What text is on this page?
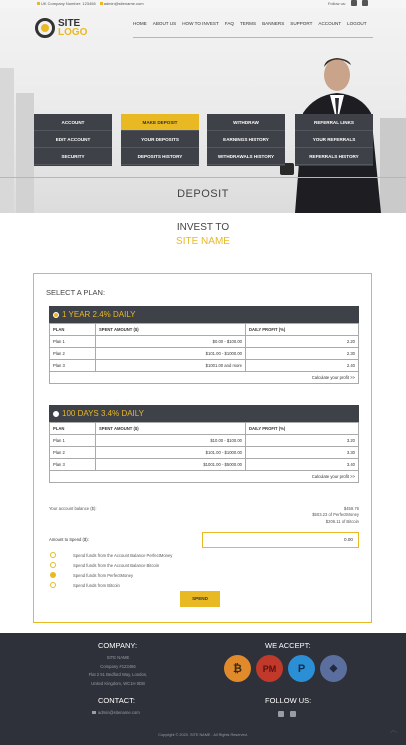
UK Company Number: 123456	admin@sitename.com	Follow us:
SITE
LOGO
HOME ABOUT US HOW TO INVEST FAQ TERMS BANNERS SUPPORT ACCOUNT LOGOUT
ACCOUNT
EDIT ACCOUNT
SECURITY
MAKE DEPOSIT
YOUR DEPOSITS
DEPOSITS HISTORY
WITHDRAW
EARNINGS HISTORY
WITHDRAWALS HISTORY
REFERRAL LINKS
YOUR REFERRALS
REFERRALS HISTORY
DEPOSIT
INVEST TO
SITE NAME
SELECT A PLAN:
1 YEAR 2.4% DAILY
PLAN	SPENT AMOUNT ($)	DAILY PROFIT (%)
Plan 1	$0.00 - $100.00	2.20
Plan 2	$101.00 - $1000.00	2.30
Plan 3	$1001.00 and more	2.40
Calculate your profit >>
100 DAYS 3.4% DAILY
PLAN	SPENT AMOUNT ($)	DAILY PROFIT (%)
Plan 1	$10.00 - $100.00	3.20
Plan 2	$101.00 - $1000.00	3.30
Plan 3	$1001.00 - $5000.00	3.40
Calculate your profit >>
Your account balance ($):	$459.76
$503.23 of PerfectMoney
$206.11 of Bitcoin
Amount to Spend ($):	0.00
Spend funds from the Account Balance PerfectMoney
Spend funds from the Account Balance Bitcoin
Spend funds from PerfectMoney
Spend funds from Bitcoin
SPEND
COMPANY:
SITE NAME
Company #123456
Flat 2 51 Bedford Way, London,
United Kingdom, WC1H 0DB
CONTACT:
admin@sitename.com
WE ACCEPT:
₿	PM	P	◆
FOLLOW US:
Copyright © 2020. SITE NAME . All Rights Reserved.
︿
